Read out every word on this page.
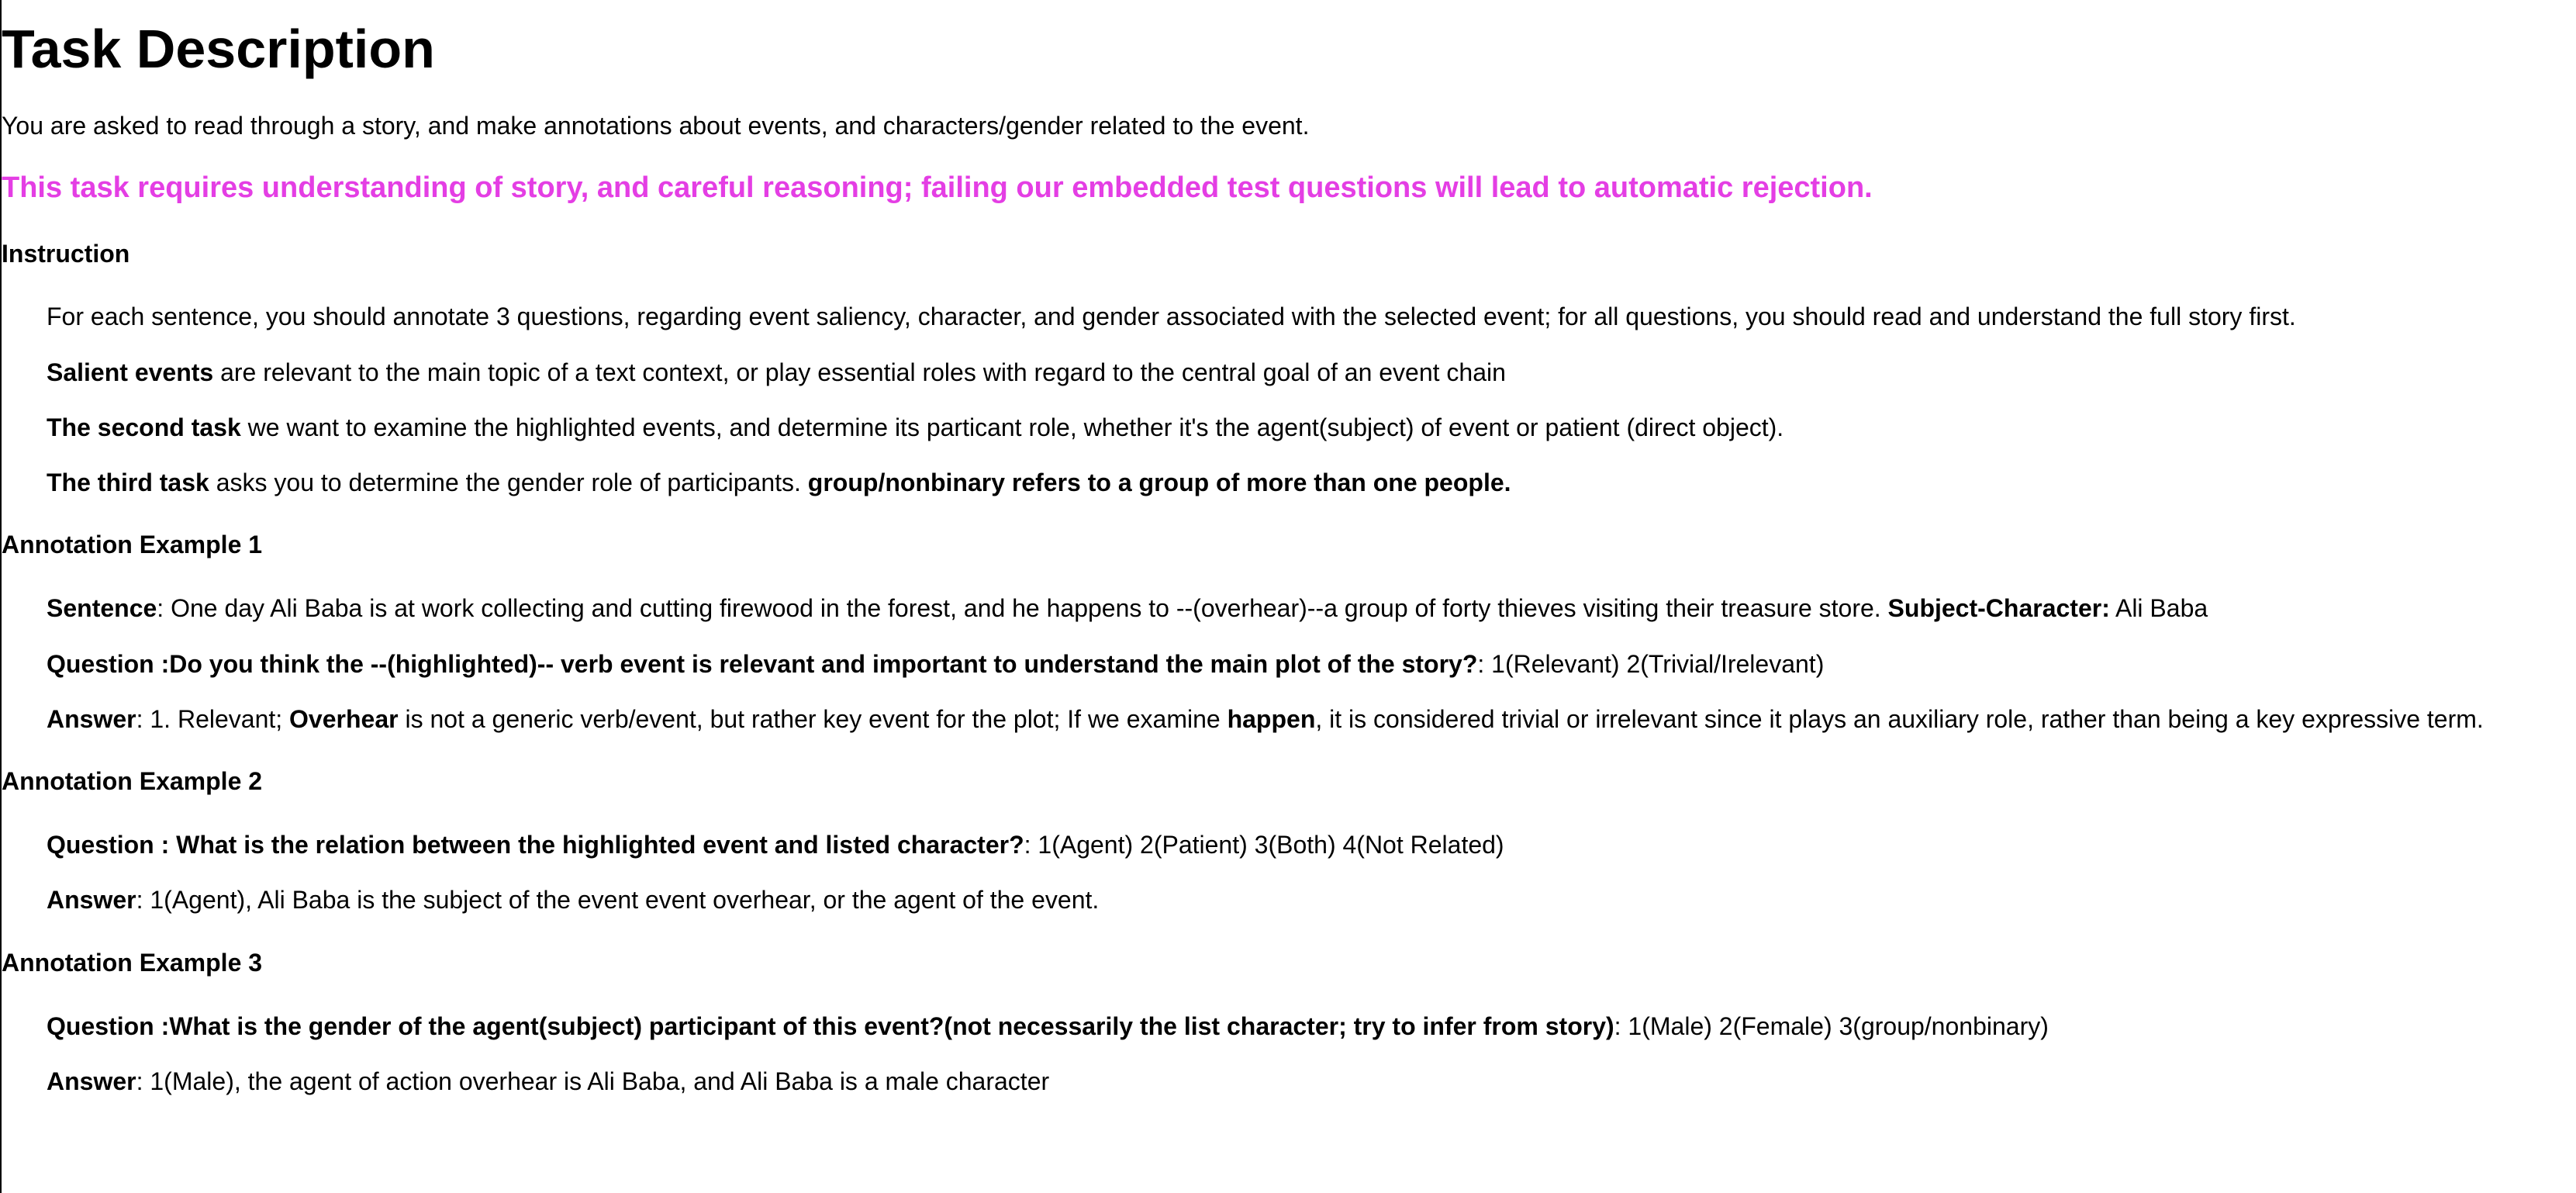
Task Description
You are asked to read through a story, and make annotations about events, and characters/gender related to the event.
This task requires understanding of story, and careful reasoning; failing our embedded test questions will lead to automatic rejection.
Instruction
For each sentence, you should annotate 3 questions, regarding event saliency, character, and gender associated with the selected event; for all questions, you should read and understand the full story first.
Salient events are relevant to the main topic of a text context, or play essential roles with regard to the central goal of an event chain
The second task we want to examine the highlighted events, and determine its particant role, whether it's the agent(subject) of event or patient (direct object).
The third task asks you to determine the gender role of participants. group/nonbinary refers to a group of more than one people.
Annotation Example 1
Sentence: One day Ali Baba is at work collecting and cutting firewood in the forest, and he happens to --(overhear)--a group of forty thieves visiting their treasure store. Subject-Character: Ali Baba
Question :Do you think the --(highlighted)-- verb event is relevant and important to understand the main plot of the story?: 1(Relevant) 2(Trivial/Irelevant)
Answer: 1. Relevant; Overhear is not a generic verb/event, but rather key event for the plot; If we examine happen, it is considered trivial or irrelevant since it plays an auxiliary role, rather than being a key expressive term.
Annotation Example 2
Question : What is the relation between the highlighted event and listed character?: 1(Agent) 2(Patient) 3(Both) 4(Not Related)
Answer: 1(Agent), Ali Baba is the subject of the event event overhear, or the agent of the event.
Annotation Example 3
Question :What is the gender of the agent(subject) participant of this event?(not necessarily the list character; try to infer from story): 1(Male) 2(Female) 3(group/nonbinary)
Answer: 1(Male), the agent of action overhear is Ali Baba, and Ali Baba is a male character
